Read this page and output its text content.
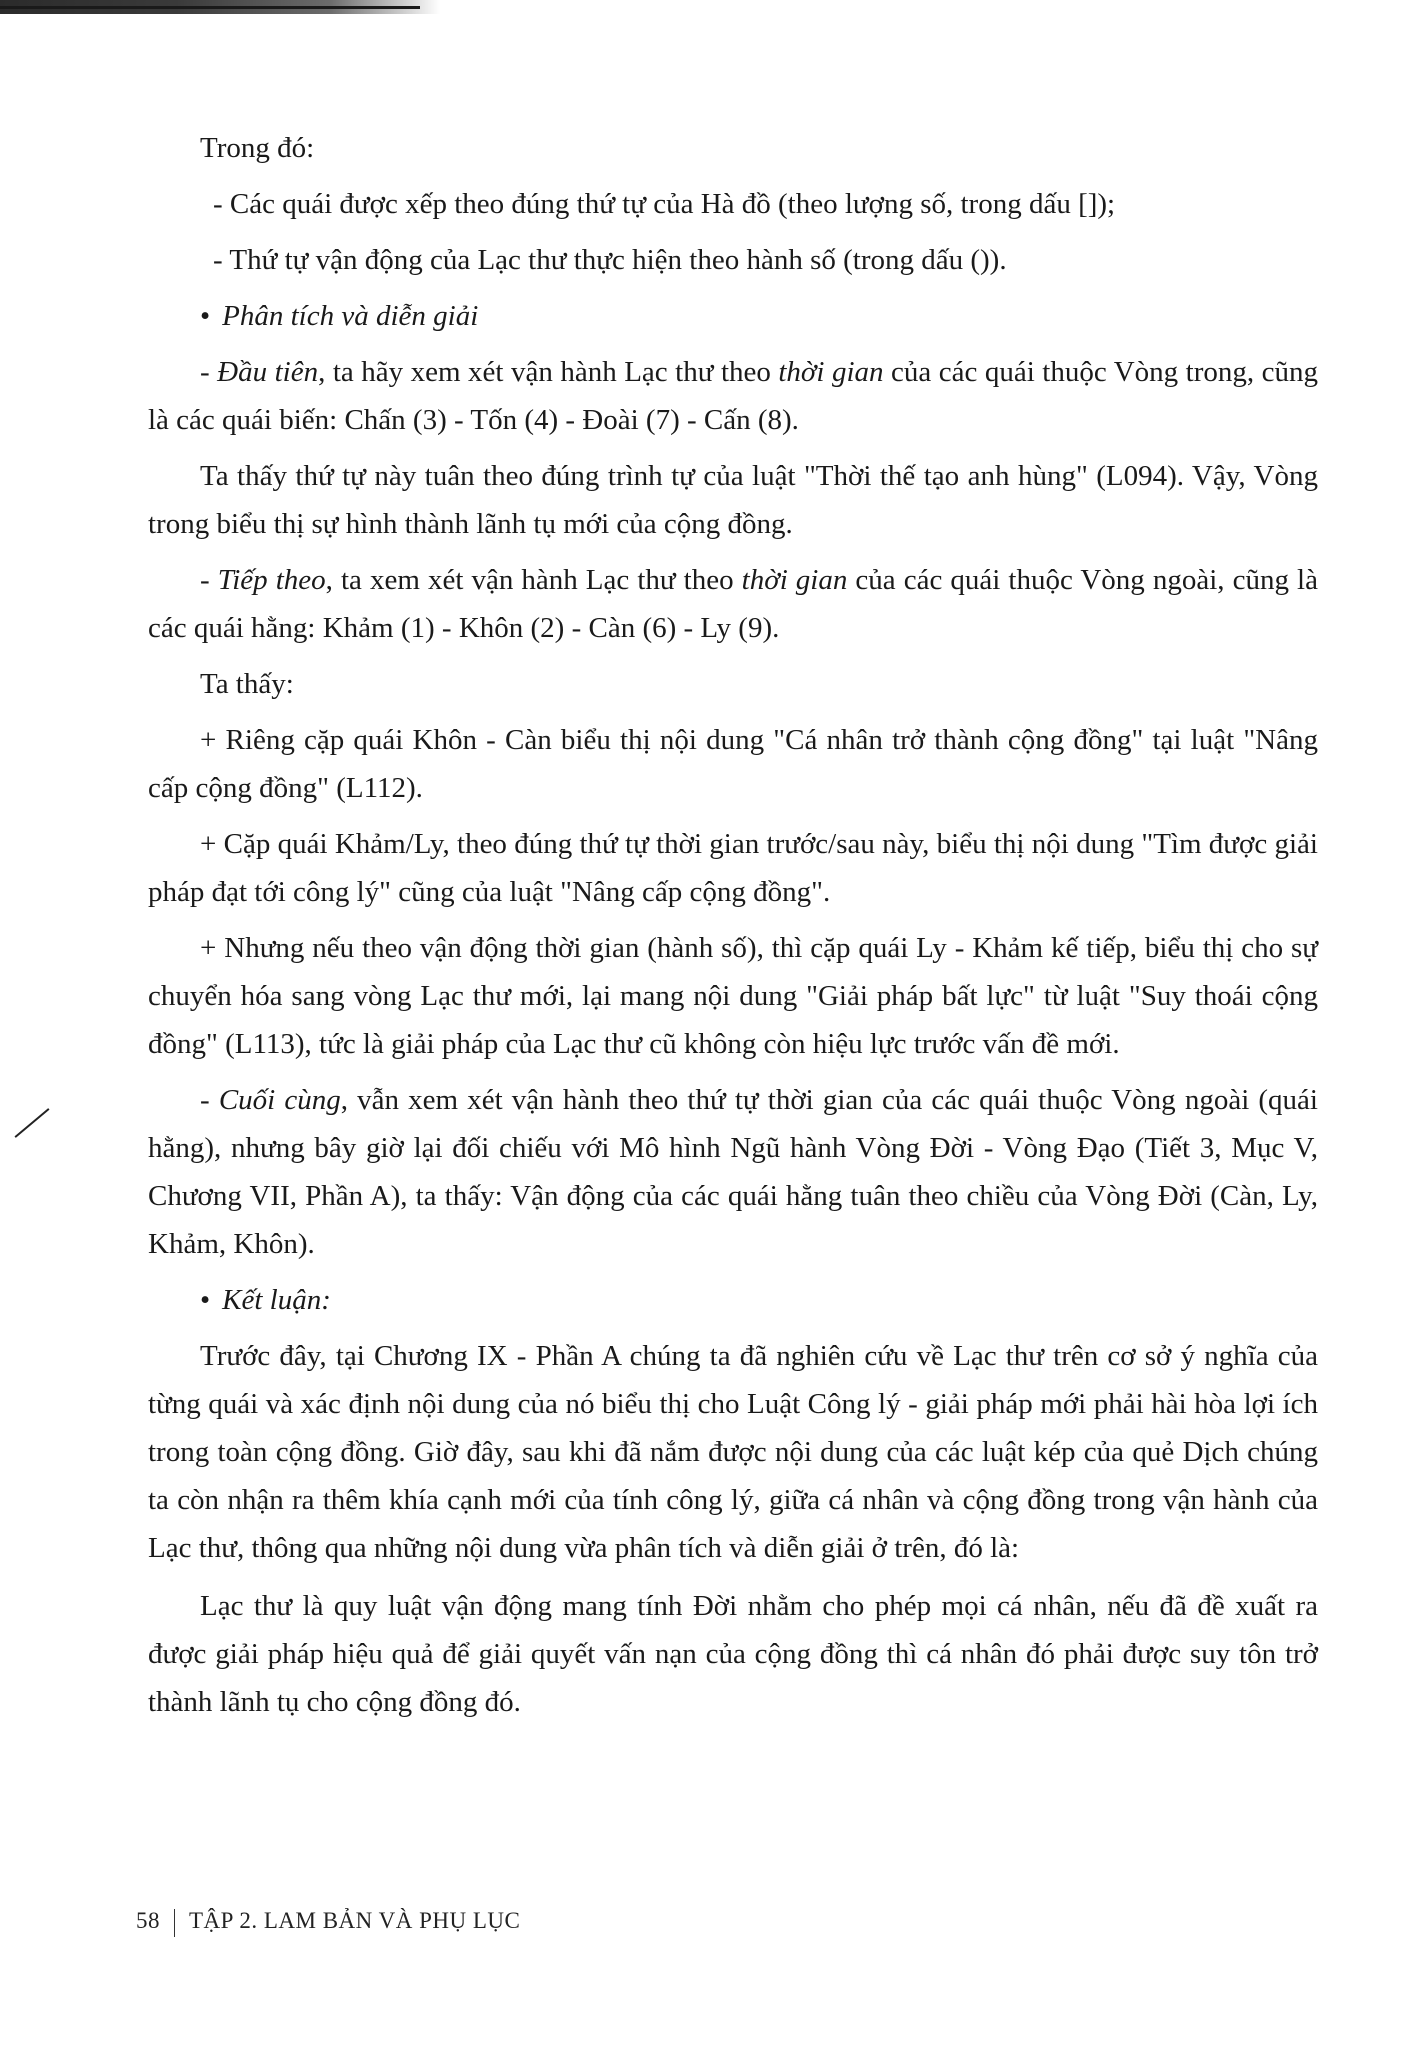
Trong đó:

- Các quái được xếp theo đúng thứ tự của Hà đồ (theo lượng số, trong dấu []);

- Thứ tự vận động của Lạc thư thực hiện theo hành số (trong dấu ()).

• Phân tích và diễn giải

- Đầu tiên, ta hãy xem xét vận hành Lạc thư theo thời gian của các quái thuộc Vòng trong, cũng là các quái biến: Chấn (3) - Tốn (4) - Đoài (7) - Cấn (8).

Ta thấy thứ tự này tuân theo đúng trình tự của luật "Thời thế tạo anh hùng" (L094). Vậy, Vòng trong biểu thị sự hình thành lãnh tụ mới của cộng đồng.

- Tiếp theo, ta xem xét vận hành Lạc thư theo thời gian của các quái thuộc Vòng ngoài, cũng là các quái hằng: Khảm (1) - Khôn (2) - Càn (6) - Ly (9).

Ta thấy:

+ Riêng cặp quái Khôn - Càn biểu thị nội dung "Cá nhân trở thành cộng đồng" tại luật "Nâng cấp cộng đồng" (L112).

+ Cặp quái Khảm/Ly, theo đúng thứ tự thời gian trước/sau này, biểu thị nội dung "Tìm được giải pháp đạt tới công lý" cũng của luật "Nâng cấp cộng đồng".

+ Nhưng nếu theo vận động thời gian (hành số), thì cặp quái Ly - Khảm kế tiếp, biểu thị cho sự chuyển hóa sang vòng Lạc thư mới, lại mang nội dung "Giải pháp bất lực" từ luật "Suy thoái cộng đồng" (L113), tức là giải pháp của Lạc thư cũ không còn hiệu lực trước vấn đề mới.

- Cuối cùng, vẫn xem xét vận hành theo thứ tự thời gian của các quái thuộc Vòng ngoài (quái hằng), nhưng bây giờ lại đối chiếu với Mô hình Ngũ hành Vòng Đời - Vòng Đạo (Tiết 3, Mục V, Chương VII, Phần A), ta thấy: Vận động của các quái hằng tuân theo chiều của Vòng Đời (Càn, Ly, Khảm, Khôn).

• Kết luận:

Trước đây, tại Chương IX - Phần A chúng ta đã nghiên cứu về Lạc thư trên cơ sở ý nghĩa của từng quái và xác định nội dung của nó biểu thị cho Luật Công lý - giải pháp mới phải hài hòa lợi ích trong toàn cộng đồng. Giờ đây, sau khi đã nắm được nội dung của các luật kép của quẻ Dịch chúng ta còn nhận ra thêm khía cạnh mới của tính công lý, giữa cá nhân và cộng đồng trong vận hành của Lạc thư, thông qua những nội dung vừa phân tích và diễn giải ở trên, đó là:

Lạc thư là quy luật vận động mang tính Đời nhằm cho phép mọi cá nhân, nếu đã đề xuất ra được giải pháp hiệu quả để giải quyết vấn nạn của cộng đồng thì cá nhân đó phải được suy tôn trở thành lãnh tụ cho cộng đồng đó.

58 TẬP 2. LAM BẢN VÀ PHỤ LỤC
